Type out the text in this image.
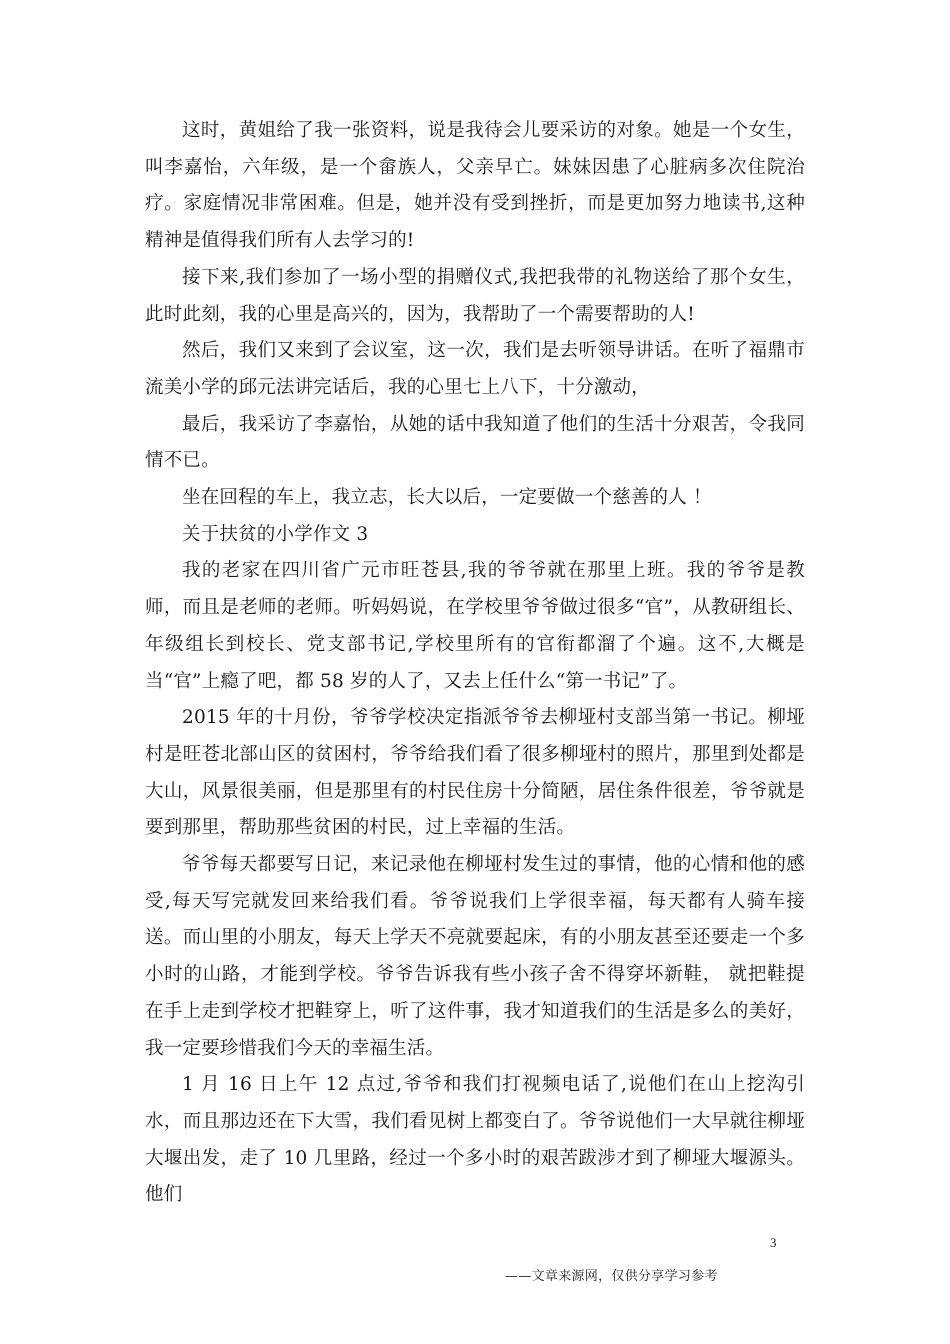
这时，黄姐给了我一张资料，说是我待会儿要采访的对象。她是一个女生，叫李嘉怡，六年级，是一个畲族人，父亲早亡。妹妹因患了心脏病多次住院治疗。家庭情况非常困难。但是，她并没有受到挫折，而是更加努力地读书,这种精神是值得我们所有人去学习的!

接下来,我们参加了一场小型的捐赠仪式,我把我带的礼物送给了那个女生，此时此刻，我的心里是高兴的，因为，我帮助了一个需要帮助的人!

然后，我们又来到了会议室，这一次，我们是去听领导讲话。在听了福鼎市流美小学的邱元法讲完话后，我的心里七上八下，十分激动，

最后，我采访了李嘉怡，从她的话中我知道了他们的生活十分艰苦，令我同情不已。

坐在回程的车上，我立志，长大以后，一定要做一个慈善的人 ！

关于扶贫的小学作文 3

我的老家在四川省广元市旺苍县,我的爷爷就在那里上班。我的爷爷是教师，而且是老师的老师。听妈妈说，在学校里爷爷做过很多“官”，从教研组长、年级组长到校长、党支部书记,学校里所有的官衔都溜了个遍。这不,大概是当“官”上瘾了吧，都 58 岁的人了，又去上任什么“第一书记”了。

2015 年的十月份，爷爷学校决定指派爷爷去柳垭村支部当第一书记。柳垭村是旺苍北部山区的贫困村，爷爷给我们看了很多柳垭村的照片，那里到处都是大山，风景很美丽，但是那里有的村民住房十分简陋，居住条件很差，爷爷就是要到那里，帮助那些贫困的村民，过上幸福的生活。

爷爷每天都要写日记，来记录他在柳垭村发生过的事情，他的心情和他的感受,每天写完就发回来给我们看。爷爷说我们上学很幸福，每天都有人骑车接送。而山里的小朋友，每天上学天不亮就要起床，有的小朋友甚至还要走一个多小时的山路，才能到学校。爷爷告诉我有些小孩子舍不得穿坏新鞋， 就把鞋提在手上走到学校才把鞋穿上，听了这件事，我才知道我们的生活是多么的美好，我一定要珍惜我们今天的幸福生活。

1 月 16 日上午 12 点过,爷爷和我们打视频电话了,说他们在山上挖沟引水，而且那边还在下大雪，我们看见树上都变白了。爷爷说他们一大早就往柳垭大堰出发，走了 10 几里路，经过一个多小时的艰苦跋涉才到了柳垭大堰源头。他们

3
——文章来源网，仅供分享学习参考
